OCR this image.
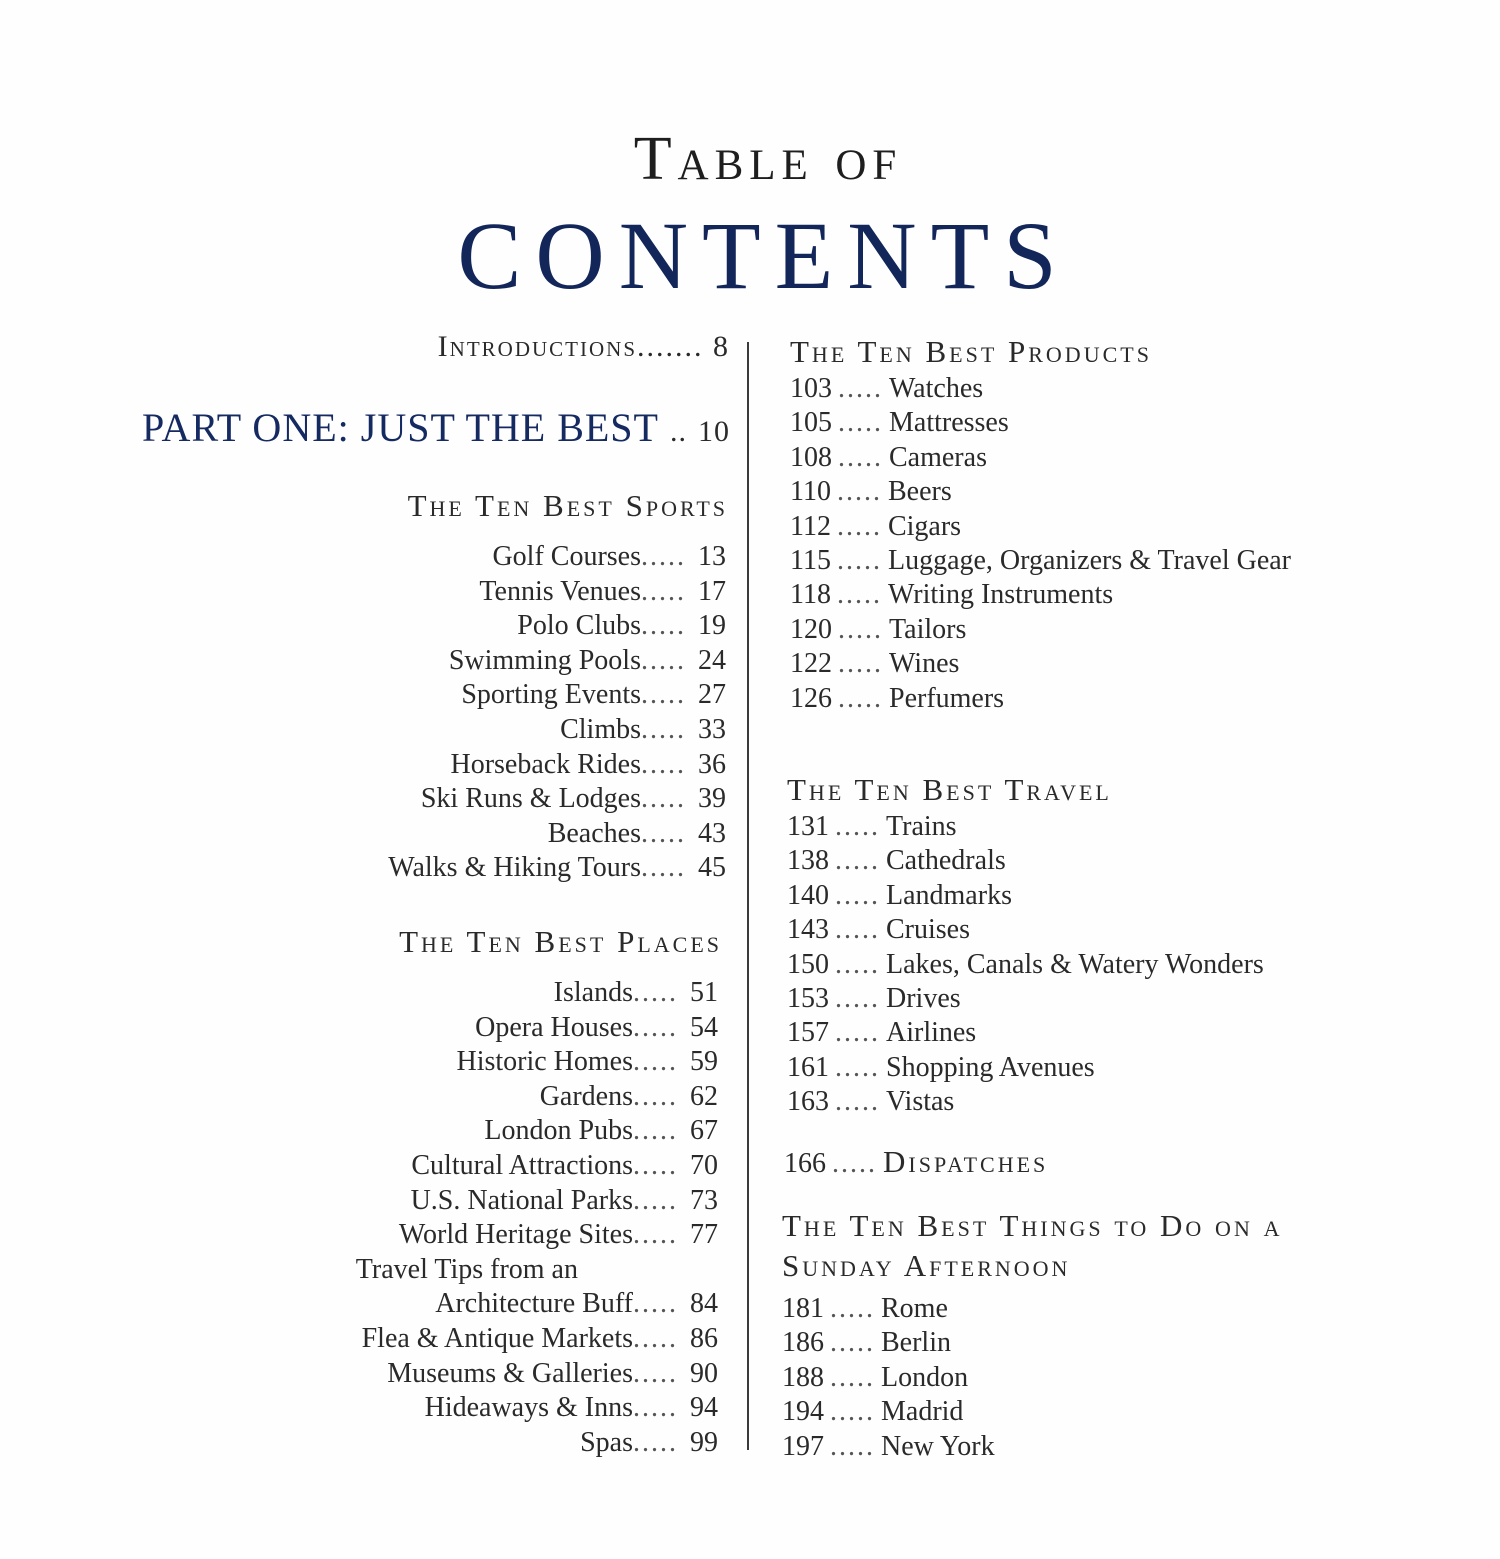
Table of
CONTENTS
Introductions....... 8
PART ONE: JUST THE BEST .. 10
The Ten Best Sports
Golf Courses..... 13
Tennis Venues..... 17
Polo Clubs..... 19
Swimming Pools..... 24
Sporting Events..... 27
Climbs..... 33
Horseback Rides..... 36
Ski Runs & Lodges..... 39
Beaches..... 43
Walks & Hiking Tours..... 45
The Ten Best Places
Islands..... 51
Opera Houses..... 54
Historic Homes..... 59
Gardens..... 62
London Pubs..... 67
Cultural Attractions..... 70
U.S. National Parks..... 73
World Heritage Sites..... 77
Travel Tips from an
Architecture Buff..... 84
Flea & Antique Markets..... 86
Museums & Galleries..... 90
Hideaways & Inns..... 94
Spas..... 99
The Ten Best Products
103 ..... Watches
105 ..... Mattresses
108 ..... Cameras
110 ..... Beers
112 ..... Cigars
115 ..... Luggage, Organizers & Travel Gear
118 ..... Writing Instruments
120 ..... Tailors
122 ..... Wines
126 ..... Perfumers
The Ten Best Travel
131 ..... Trains
138 ..... Cathedrals
140 ..... Landmarks
143 ..... Cruises
150 ..... Lakes, Canals & Watery Wonders
153 ..... Drives
157 ..... Airlines
161 ..... Shopping Avenues
163 ..... Vistas
166 ..... Dispatches
The Ten Best Things to Do on a
Sunday Afternoon
181 ..... Rome
186 ..... Berlin
188 ..... London
194 ..... Madrid
197 ..... New York
